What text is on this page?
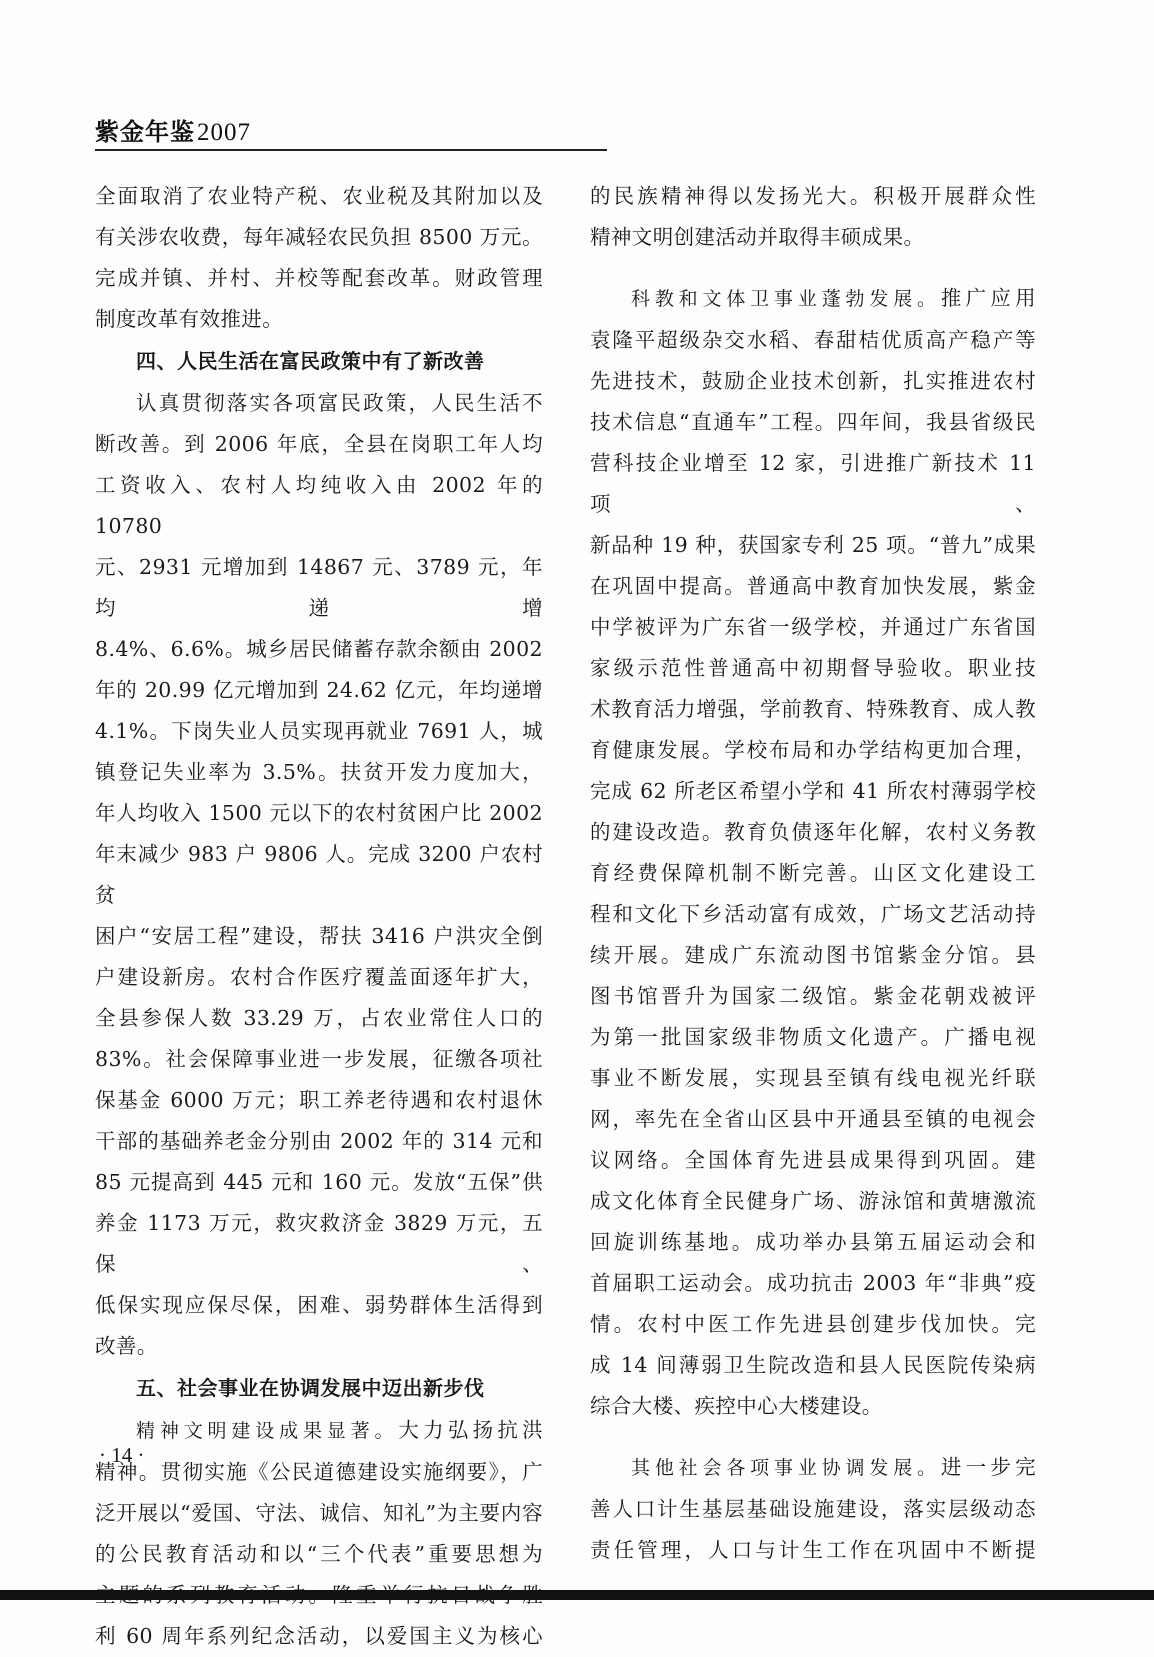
紫金年鉴2007

全面取消了农业特产税、农业税及其附加以及

有关涉农收费，每年减轻农民负担 8500 万元。

完成并镇、并村、并校等配套改革。财政管理

制度改革有效推进。

四、人民生活在富民政策中有了新改善

认真贯彻落实各项富民政策，人民生活不

断改善。到 2006 年底，全县在岗职工年人均

工资收入、农村人均纯收入由 2002 年的 10780

元、2931 元增加到 14867 元、3789 元，年均递增

8.4%、6.6%。城乡居民储蓄存款余额由 2002

年的 20.99 亿元增加到 24.62 亿元，年均递增

4.1%。下岗失业人员实现再就业 7691 人，城

镇登记失业率为 3.5%。扶贫开发力度加大，

年人均收入 1500 元以下的农村贫困户比 2002

年末减少 983 户 9806 人。完成 3200 户农村贫

困户“安居工程”建设，帮扶 3416 户洪灾全倒

户建设新房。农村合作医疗覆盖面逐年扩大，

全县参保人数 33.29 万，占农业常住人口的

83%。社会保障事业进一步发展，征缴各项社

保基金 6000 万元；职工养老待遇和农村退休

干部的基础养老金分别由 2002 年的 314 元和

85 元提高到 445 元和 160 元。发放“五保”供

养金 1173 万元，救灾救济金 3829 万元，五保、

低保实现应保尽保，困难、弱势群体生活得到

改善。

五、社会事业在协调发展中迈出新步伐

精神文明建设成果显著。大力弘扬抗洪

精神。贯彻实施《公民道德建设实施纲要》，广

泛开展以“爱国、守法、诚信、知礼”为主要内容

的公民教育活动和以“三个代表”重要思想为

利 60 周年系列纪念活动，以爱国主义为核心

的民族精神得以发扬光大。积极开展群众性

精神文明创建活动并取得丰硕成果。

科教和文体卫事业蓬勃发展。推广应用

袁隆平超级杂交水稻、春甜桔优质高产稳产等

先进技术，鼓励企业技术创新，扎实推进农村

技术信息“直通车”工程。四年间，我县省级民

营科技企业增至 12 家，引进推广新技术 11 项、

新品种 19 种，获国家专利 25 项。“普九”成果

在巩固中提高。普通高中教育加快发展，紫金

中学被评为广东省一级学校，并通过广东省国

家级示范性普通高中初期督导验收。职业技

术教育活力增强，学前教育、特殊教育、成人教

育健康发展。学校布局和办学结构更加合理，

完成 62 所老区希望小学和 41 所农村薄弱学校

的建设改造。教育负债逐年化解，农村义务教

育经费保障机制不断完善。山区文化建设工

程和文化下乡活动富有成效，广场文艺活动持

续开展。建成广东流动图书馆紫金分馆。县

图书馆晋升为国家二级馆。紫金花朝戏被评

为第一批国家级非物质文化遗产。广播电视

事业不断发展，实现县至镇有线电视光纤联

网，率先在全省山区县中开通县至镇的电视会

议网络。全国体育先进县成果得到巩固。建

成文化体育全民健身广场、游泳馆和黄塘激流

回旋训练基地。成功举办县第五届运动会和

首届职工运动会。成功抗击 2003 年“非典”疫

情。农村中医工作先进县创建步伐加快。完

成 14 间薄弱卫生院改造和县人民医院传染病

综合大楼、疾控中心大楼建设。

其他社会各项事业协调发展。进一步完

善人口计生基层基础设施建设，落实层级动态

责任管理，人口与计生工作在巩固中不断提

· 14 ·
